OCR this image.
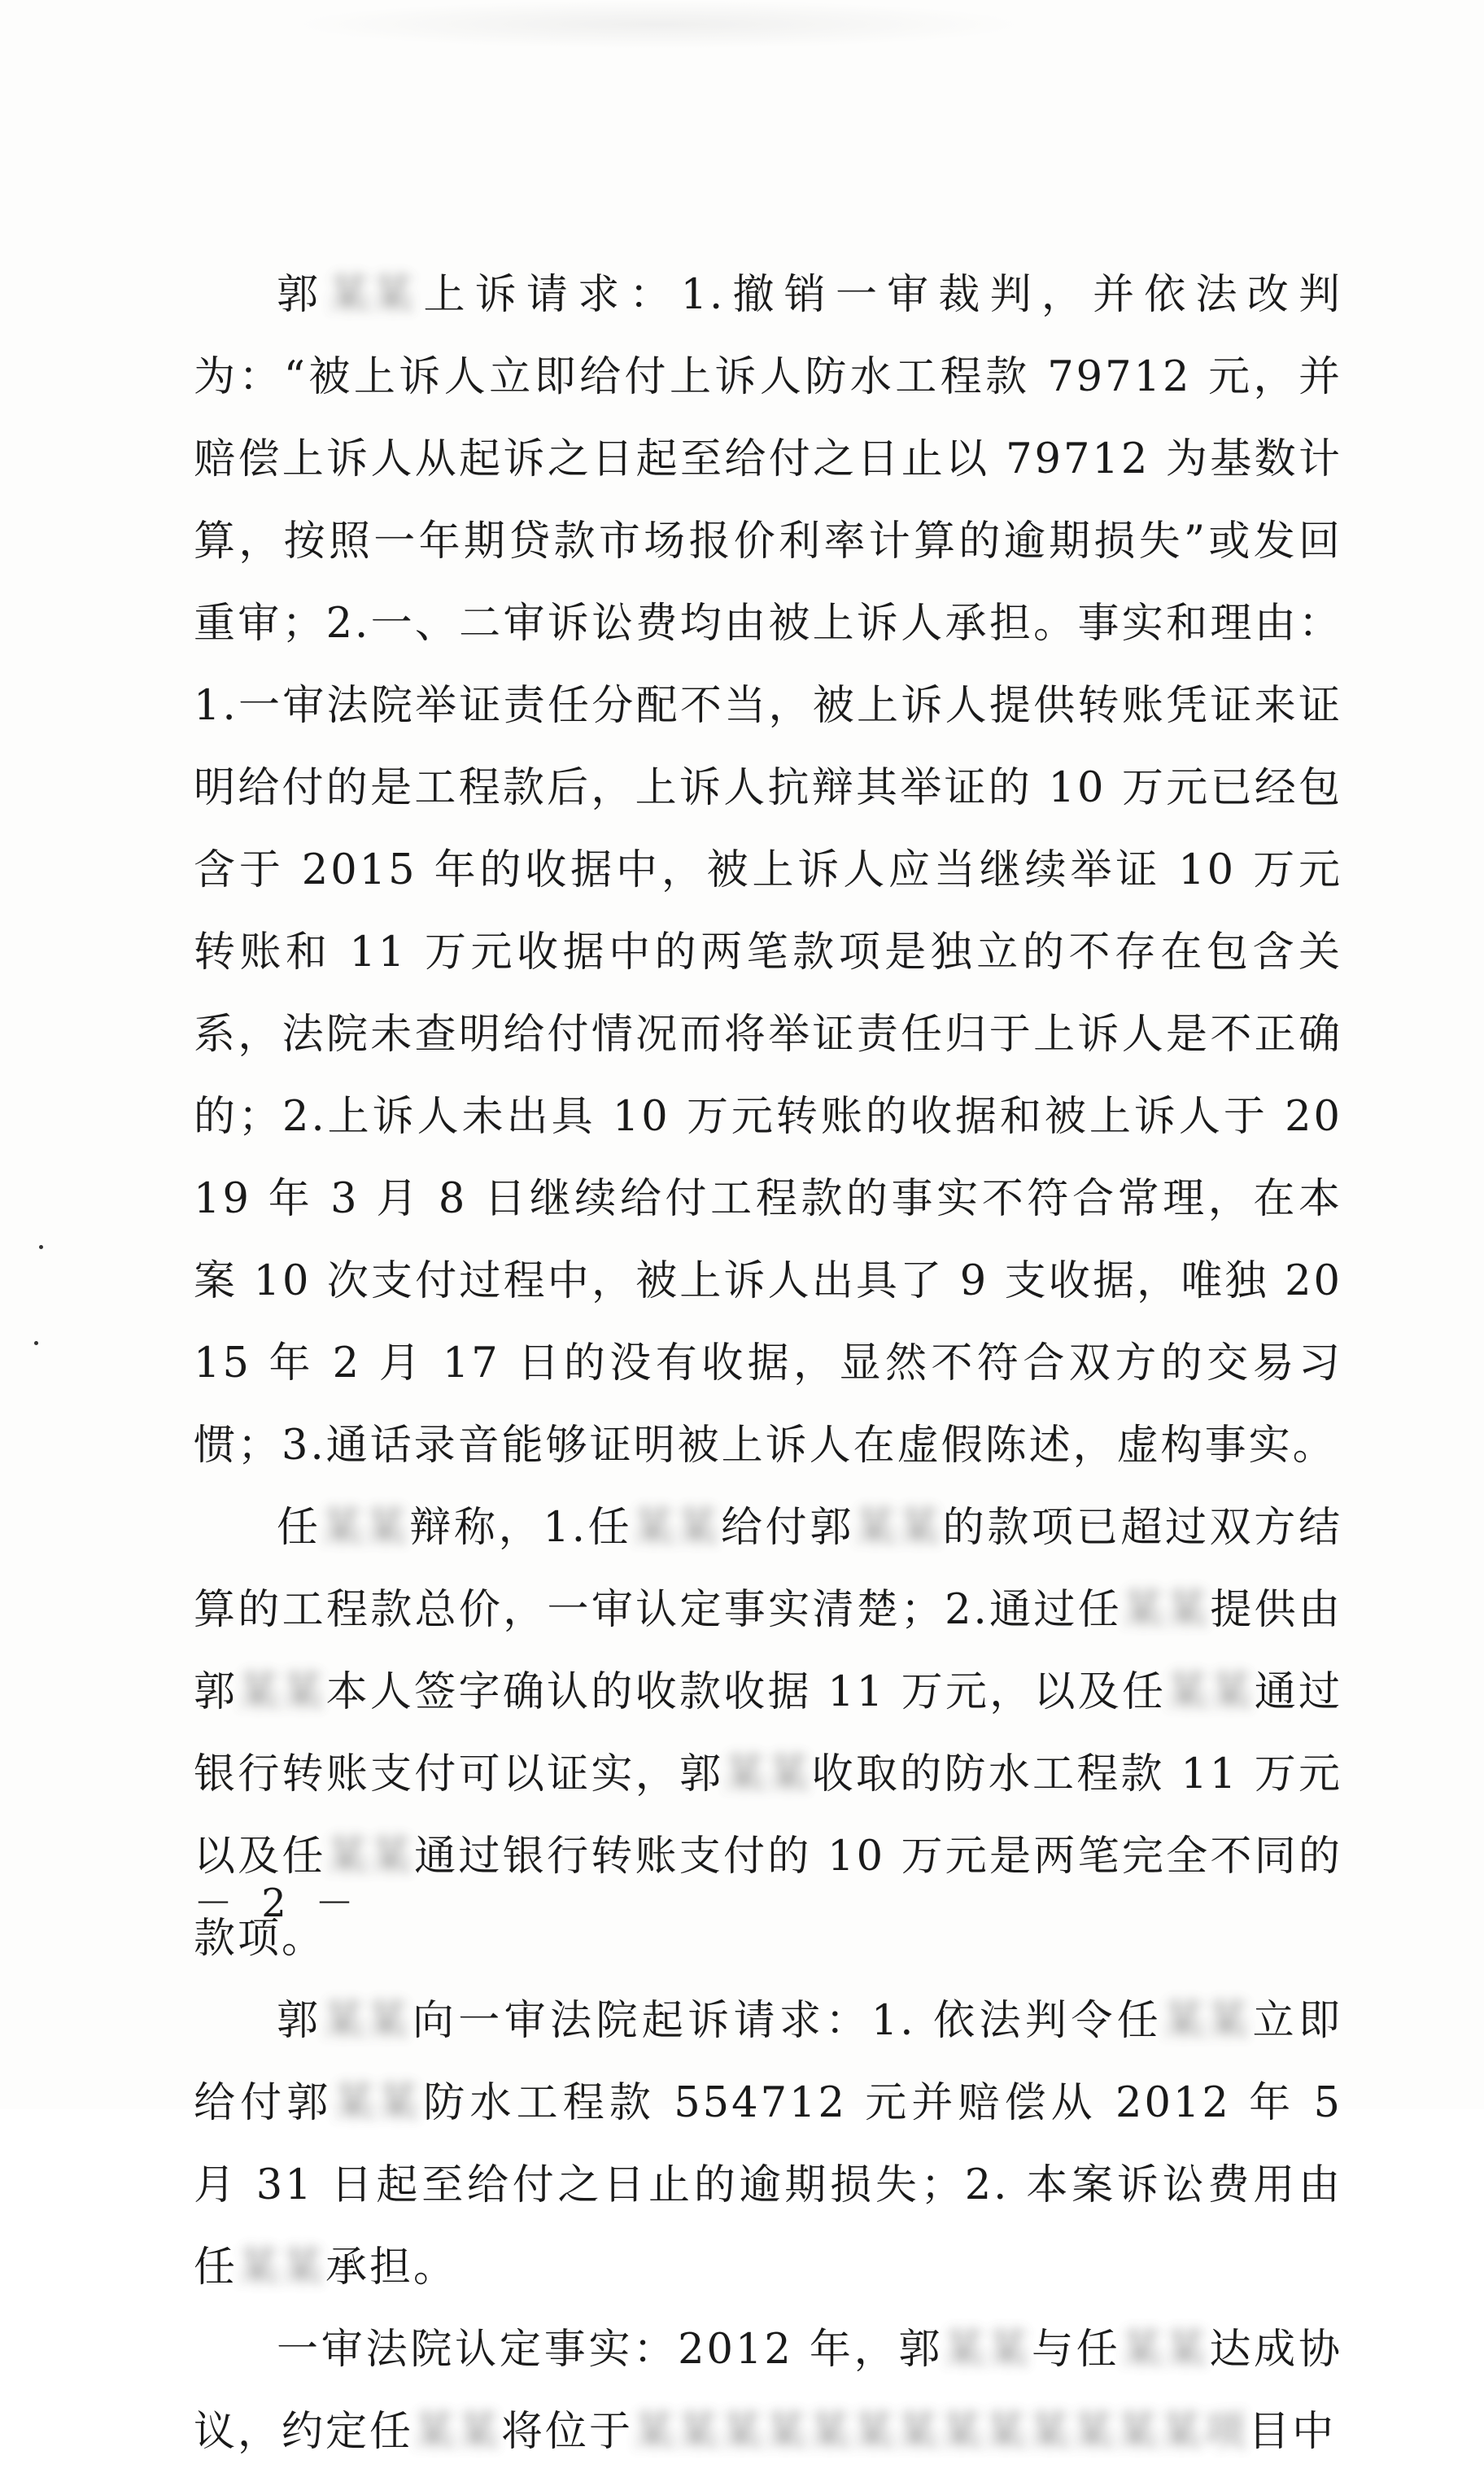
郭某某上诉请求：1.撤销一审裁判，并依法改判为：“被上诉人立即给付上诉人防水工程款 79712 元，并赔偿上诉人从起诉之日起至给付之日止以 79712 为基数计算，按照一年期贷款市场报价利率计算的逾期损失”或发回重审；2.一、二审诉讼费均由被上诉人承担。事实和理由：1.一审法院举证责任分配不当，被上诉人提供转账凭证来证明给付的是工程款后，上诉人抗辩其举证的 10 万元已经包含于 2015 年的收据中，被上诉人应当继续举证 10 万元转账和 11 万元收据中的两笔款项是独立的不存在包含关系，法院未查明给付情况而将举证责任归于上诉人是不正确的；2.上诉人未出具 10 万元转账的收据和被上诉人于 2019 年 3 月 8 日继续给付工程款的事实不符合常理，在本案 10 次支付过程中，被上诉人出具了 9 支收据，唯独 2015 年 2 月 17 日的没有收据，显然不符合双方的交易习惯；3.通话录音能够证明被上诉人在虚假陈述，虚构事实。

任某某辩称，1.任某某给付郭某某的款项已超过双方结算的工程款总价，一审认定事实清楚；2.通过任某某提供由郭某某本人签字确认的收款收据 11 万元，以及任某某通过银行转账支付可以证实，郭某某收取的防水工程款 11 万元以及任某某通过银行转账支付的 10 万元是两笔完全不同的款项。

郭某某向一审法院起诉请求：1. 依法判令任某某立即给付郭某某防水工程款 554712 元并赔偿从 2012 年 5 月 31 日起至给付之日止的逾期损失；2. 本案诉讼费用由任某某承担。

一审法院认定事实：2012 年，郭某某与任某某达成协议，约定任某某将位于某某某某某某某某某某某某某项目中

－ 2 －
